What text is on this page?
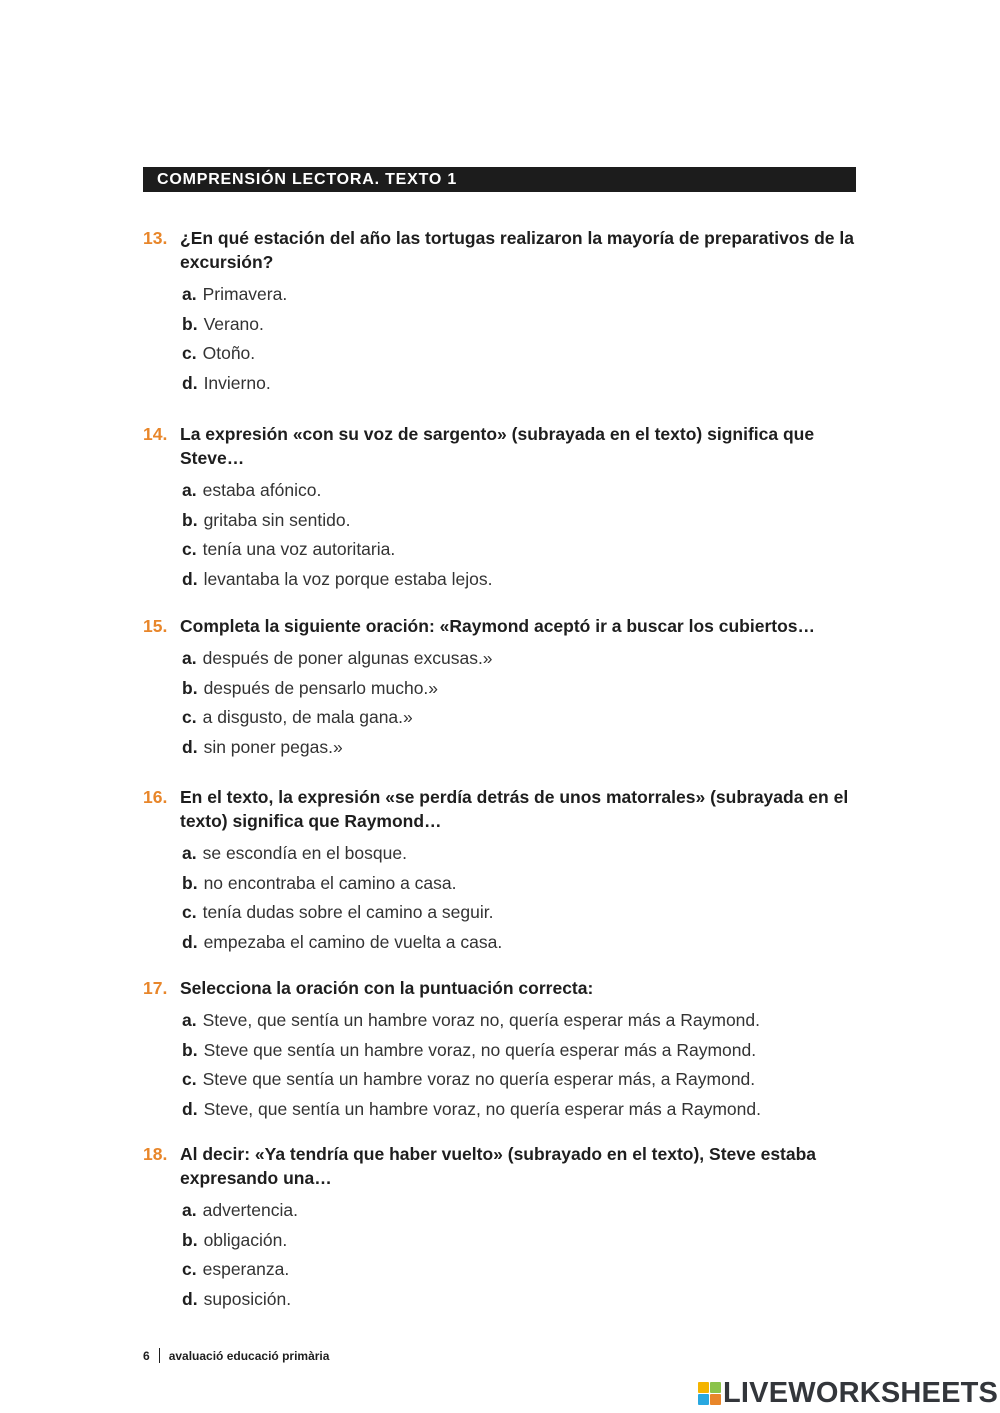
COMPRENSIÓN LECTORA. TEXTO 1
13. ¿En qué estación del año las tortugas realizaron la mayoría de preparativos de la excursión?
a. Primavera.
b. Verano.
c. Otoño.
d. Invierno.
14. La expresión «con su voz de sargento» (subrayada en el texto) significa que Steve…
a. estaba afónico.
b. gritaba sin sentido.
c. tenía una voz autoritaria.
d. levantaba la voz porque estaba lejos.
15. Completa la siguiente oración: «Raymond aceptó ir a buscar los cubiertos…
a. después de poner algunas excusas.»
b. después de pensarlo mucho.»
c. a disgusto, de mala gana.»
d. sin poner pegas.»
16. En el texto, la expresión «se perdía detrás de unos matorrales» (subrayada en el texto) significa que Raymond…
a. se escondía en el bosque.
b. no encontraba el camino a casa.
c. tenía dudas sobre el camino a seguir.
d. empezaba el camino de vuelta a casa.
17. Selecciona la oración con la puntuación correcta:
a. Steve, que sentía un hambre voraz no, quería esperar más a Raymond.
b. Steve que sentía un hambre voraz, no quería esperar más a Raymond.
c. Steve que sentía un hambre voraz no quería esperar más, a Raymond.
d. Steve, que sentía un hambre voraz, no quería esperar más a Raymond.
18. Al decir: «Ya tendría que haber vuelto» (subrayado en el texto), Steve estaba expresando una…
a. advertencia.
b. obligación.
c. esperanza.
d. suposición.
6 avaluació educació primària
LIVEWORKSHEETS
